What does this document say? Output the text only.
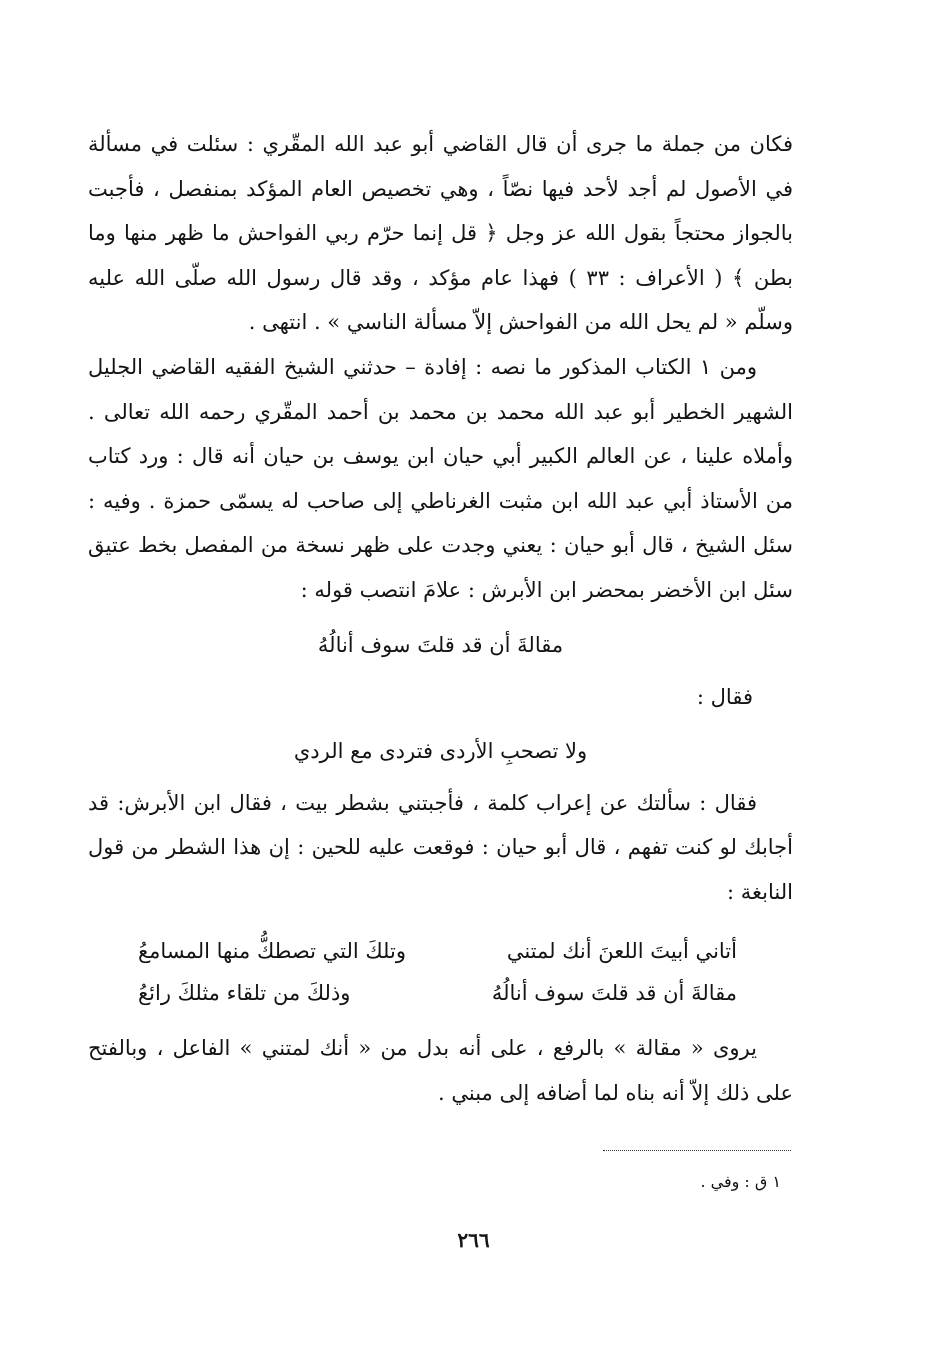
فكان من جملة ما جرى أن قال القاضي أبو عبد الله المقّري : سئلت في مسألة في الأصول لم أجد لأحد فيها نصّاً ، وهي تخصيص العام المؤكد بمنفصل ، فأجبت بالجواز محتجاً بقول الله عز وجل ﴿ قل إنما حرّم ربي الفواحش ما ظهر منها وما بطن ﴾ ( الأعراف : ٣٣ ) فهذا عام مؤكد ، وقد قال رسول الله صلّى الله عليه وسلّم « لم يحل الله من الفواحش إلاّ مسألة الناسي » . انتهى .

ومن ١ الكتاب المذكور ما نصه : إفادة – حدثني الشيخ الفقيه القاضي الجليل الشهير الخطير أبو عبد الله محمد بن محمد بن أحمد المقّري رحمه الله تعالى . وأملاه علينا ، عن العالم الكبير أبي حيان ابن يوسف بن حيان أنه قال : ورد كتاب من الأستاذ أبي عبد الله ابن مثبت الغرناطي إلى صاحب له يسمّى حمزة . وفيه : سئل الشيخ ، قال أبو حيان : يعني وجدت على ظهر نسخة من المفصل بخط عتيق سئل ابن الأخضر بمحضر ابن الأبرش : علامَ انتصب قوله :

مقالةَ أن قد قلتَ سوف أنالُهُ

فقال :

ولا تصحبِ الأردى فتردى مع الردي

فقال : سألتك عن إعراب كلمة ، فأجبتني بشطر بيت ، فقال ابن الأبرش: قد أجابك لو كنت تفهم ، قال أبو حيان : فوقعت عليه للحين : إن هذا الشطر من قول النابغة :

أتاني أبيتَ اللعنَ أنك لمتني
وتلكَ التي تصطكُّ منها المسامعُ
مقالةَ أن قد قلتَ سوف أنالُهُ
وذلكَ من تلقاء مثلكَ رائعُ

يروى « مقالة » بالرفع ، على أنه بدل من « أنك لمتني » الفاعل ، وبالفتح على ذلك إلاّ أنه بناه لما أضافه إلى مبني .

١ ق : وفي .
٢٦٦
